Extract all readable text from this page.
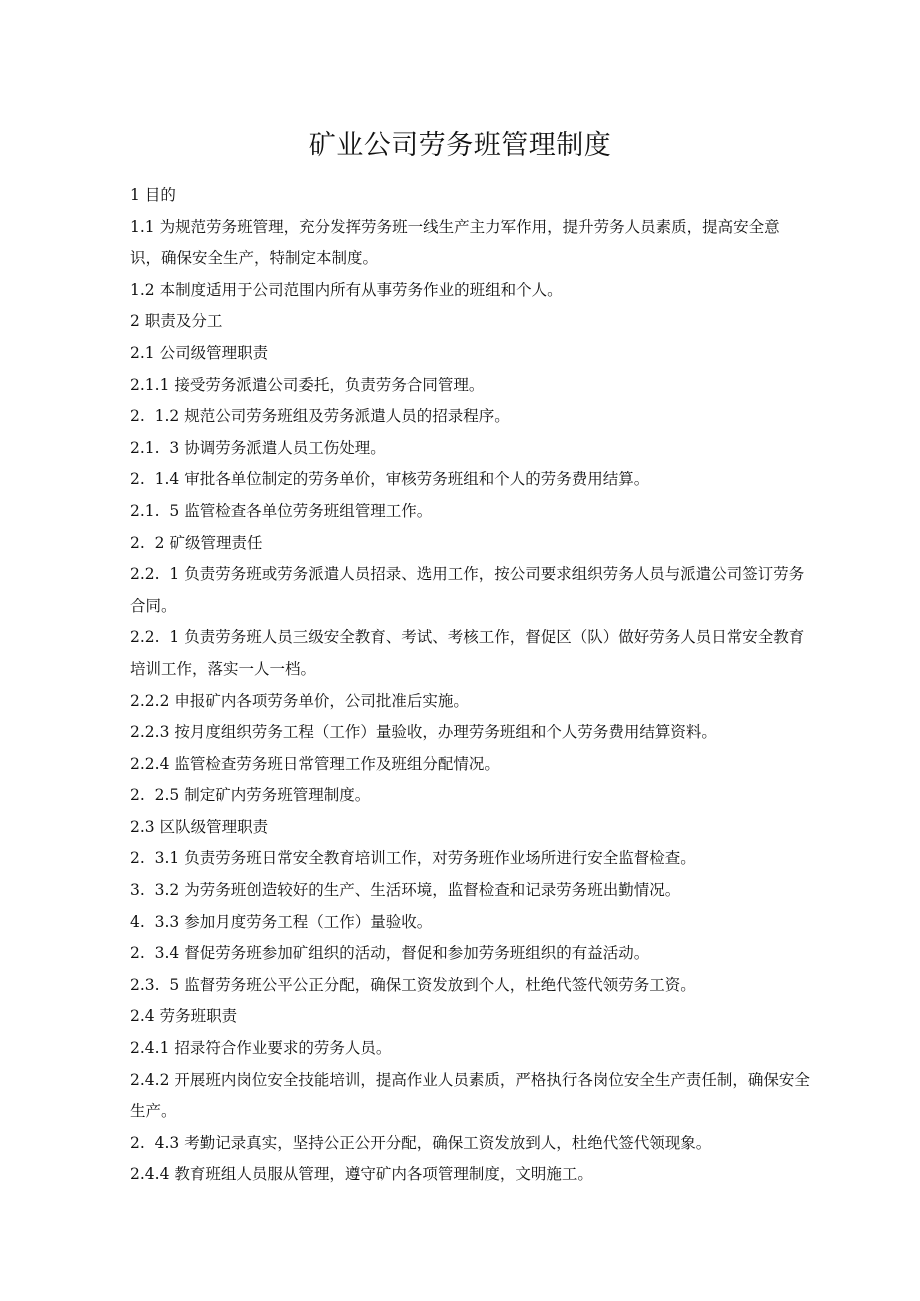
矿业公司劳务班管理制度

1 目的

1.1 为规范劳务班管理，充分发挥劳务班一线生产主力军作用，提升劳务人员素质，提高安全意识，确保安全生产，特制定本制度。

1.2 本制度适用于公司范围内所有从事劳务作业的班组和个人。

2 职责及分工

2.1 公司级管理职责

2.1.1 接受劳务派遣公司委托，负责劳务合同管理。

2.  1.2 规范公司劳务班组及劳务派遣人员的招录程序。

2.1.  3 协调劳务派遣人员工伤处理。

2.  1.4 审批各单位制定的劳务单价，审核劳务班组和个人的劳务费用结算。

2.1.  5 监管检查各单位劳务班组管理工作。

2.  2 矿级管理责任

2.2.  1 负责劳务班或劳务派遣人员招录、选用工作，按公司要求组织劳务人员与派遣公司签订劳务合同。

2.2.  1 负责劳务班人员三级安全教育、考试、考核工作，督促区（队）做好劳务人员日常安全教育培训工作，落实一人一档。

2.2.2 申报矿内各项劳务单价，公司批准后实施。

2.2.3 按月度组织劳务工程（工作）量验收，办理劳务班组和个人劳务费用结算资料。

2.2.4 监管检查劳务班日常管理工作及班组分配情况。

2.  2.5 制定矿内劳务班管理制度。

2.3 区队级管理职责

2.  3.1 负责劳务班日常安全教育培训工作，对劳务班作业场所进行安全监督检查。

3.  3.2 为劳务班创造较好的生产、生活环境，监督检查和记录劳务班出勤情况。

4.  3.3 参加月度劳务工程（工作）量验收。

2.  3.4 督促劳务班参加矿组织的活动，督促和参加劳务班组织的有益活动。

2.3.  5 监督劳务班公平公正分配，确保工资发放到个人，杜绝代签代领劳务工资。

2.4 劳务班职责

2.4.1 招录符合作业要求的劳务人员。

2.4.2 开展班内岗位安全技能培训，提高作业人员素质，严格执行各岗位安全生产责任制，确保安全生产。

2.  4.3 考勤记录真实，坚持公正公开分配，确保工资发放到人，杜绝代签代领现象。

2.4.4 教育班组人员服从管理，遵守矿内各项管理制度，文明施工。
